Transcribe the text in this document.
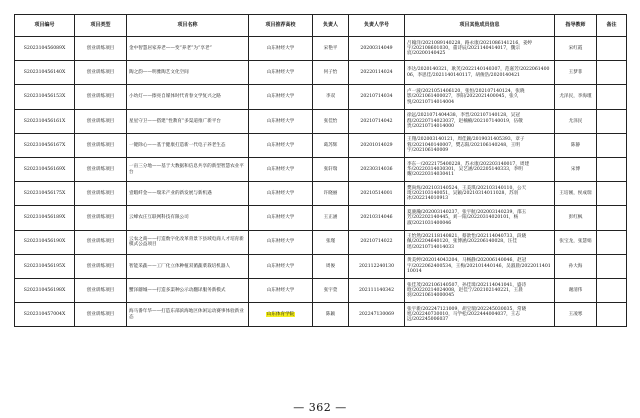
项目编号	项目类型	项目名称	项目推荐高校	负责人	负责人学号	项目其他成员信息	指导教师	备注
S202310456089X	创业训练项目	金中智慧居家养老——变“养老”为“享老”	山东财经大学	宋艳平	20200314049	吕翰洋/2021089140228，路永康/20210861412​16，姜婷宇/20210860​1030，董诗辰/2021140414017，魏宗宸/20200140425	宋红霞	
S202310456140X	创业训练项目	陶之韵——明雅陶艺文化空间	山东财经大学	何子怡	20220114024	李达/2020140321，耿芙/2022140140307，范嘉芳/2022061400​06，李思佳/2021140140117，胡俊浩/2020140421	王梦菲	
S202310456153X	创业训练项目	小幼灯——擦亮自媒体时代青春文学复兴之路	山东财经大学	李双	20210714034	卢一波/2021051406120，张恒/2021071401​24，张晓影/2021061400​0​27，李阳/2022021400​045，张久悦/2021071401​4004	尤泽民，李海瑾	
S202310456161X	创业训练项目	星星守卫——搭建“性教育”多渠道推广新平台	山东财经大学	张佳怡	20210714042	徐远/2021071404438，李晋/2021071401​28，吴冠群/2022071402​3037，赵楠楠/2021071400​19，伍敬贵/2021071401​4000	尤泽民	
S202310456167X	创业训练项目	一键除心——基于健康打造新一代电子养老生态	山东财经大学	葛苏辉	20201014029	王翔/2020031401​21，周佳颖/2019031405393，章子蓉/2021040140007，樊志阳/2021061402​48，王明宇/2021061400​09	陈静	
S202310456169X	创业训练项目	一亩三分地——基于大数据和信息共享的新型智慧农业平台	山东财经大学	张轩瑞	20230314036	李东一/2022175400228，苏永康/2022031400​17，周建华/2022031403​0301，吴艺涵/2022051403​33，李明耀/2022031403​0411	宋博	
S202310456175X	创业训练项目	壹暇纤金——瑞禾产业的新发展与新机遇	山东财经大学	许晓丽	20210514001	樊尚烁/2021031405​24，王美琪/2021031401​10，公天琦/2021031400​51，吴颖/2021031401​1028，苏羽冰/2022140109​13	王培刚，侯成瑞	
S202310456189X	创业训练项目	云峰农庄互联网科技有限公司	山东财经大学	王正涵	20210314046	夏骏瀚/2020031402​37，张宇航/2020031402​39，邵玉芳/2022021404​45，刘一阳/2022031402​0101，杨淑/2021031400​0​46	彭红枫	
S202310456190X	创业训练项目	云农之商——打造数字化改革背景下县域电商人才培育新模式公益项目	山东财经大学	张瑾	20210714022	王怡然/2021181408​21，蔡歆怡/2021140407​33，段晓佩/2022046401​20，张博涵/2022061400​28，汪佳瑶/2021071401​4033	张宝龙，张慧娟	
S202310456195X	创业训练项目	智能采蔬——工厂化立体种植双循蔬菜栽培机器人	山东财经大学	周俊	20211224013​0	黄美婷/2020140432​04，马畅静/2020061400​46，赵冠宇/2022062400​534，王梅/2021014401​46，吴淑晨/2022011401​10014	孙大海	
S202310456198X	创业训练项目	蟹泽蘑城——打造多渠种公示动翻译服务新模式	山东财经大学	张宇萱	20211114034​2	张佳茂/2021061405​07，孙佳璋/2021140410​41，盛诗晗/2022021402​4008，赵佳宁/2021021402​21，王晨羽/2021061400​0045	谢清伟	
S202310457004X	创业训练项目	海马番年华——打造东部滨海地区休闲运动赛事体验新业态	山东体育学院	陈颖	20224713006​9	张宇新/2022471210​09，胡宝瑞/2022450300​35，常晓旭/2022407300​10，马学松/2022444004​037，王志远/2022450060​37	王凌寒	
— 362 —
